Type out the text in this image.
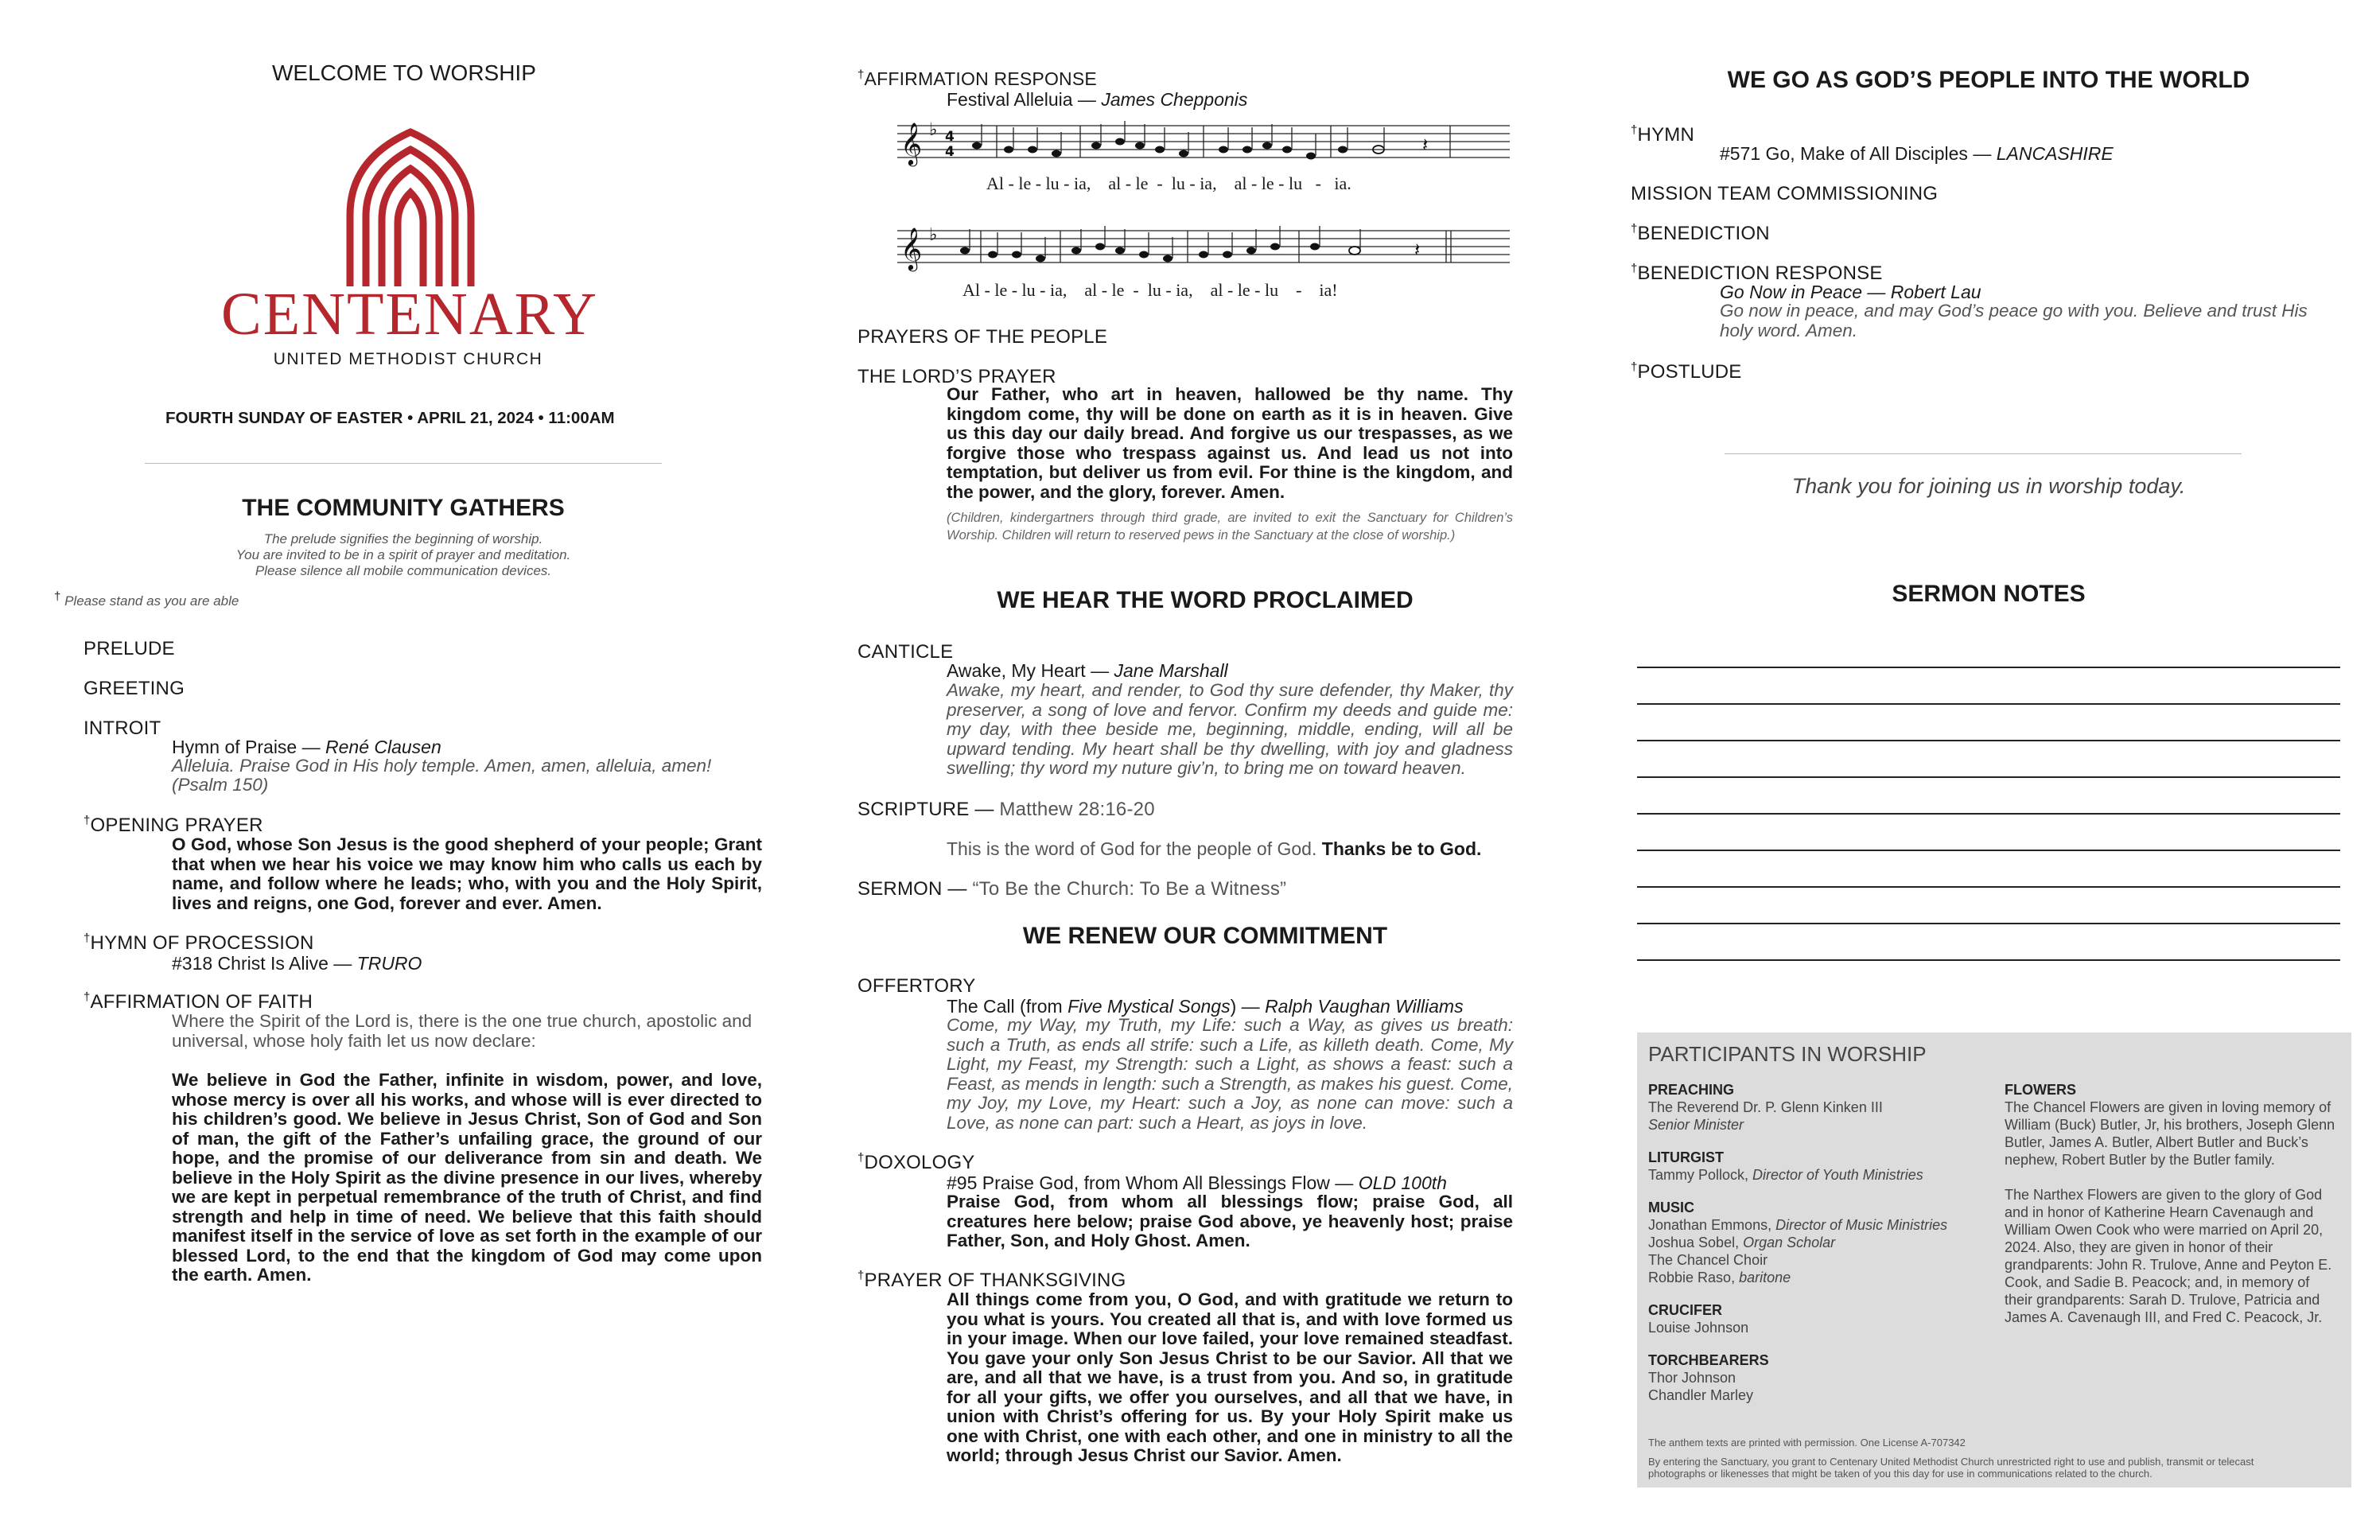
WELCOME TO WORSHIP
CENTENARY
UNITED METHODIST CHURCH
FOURTH SUNDAY OF EASTER • APRIL 21, 2024 • 11:00AM
THE COMMUNITY GATHERS
The prelude signifies the beginning of worship.
You are invited to be in a spirit of prayer and meditation.
Please silence all mobile communication devices.
† Please stand as you are able
PRELUDE
GREETING
INTROIT
Hymn of Praise — René Clausen
Alleluia. Praise God in His holy temple. Amen, amen, alleluia, amen!
(Psalm 150)
†OPENING PRAYER
O God, whose Son Jesus is the good shepherd of your people; Grant that when we hear his voice we may know him who calls us each by name, and follow where he leads; who, with you and the Holy Spirit, lives and reigns, one God, forever and ever. Amen.
†HYMN OF PROCESSION
#318 Christ Is Alive — TRURO
†AFFIRMATION OF FAITH
Where the Spirit of the Lord is, there is the one true church, apostolic and universal, whose holy faith let us now declare:
We believe in God the Father, infinite in wisdom, power, and love, whose mercy is over all his works, and whose will is ever directed to his children’s good. We believe in Jesus Christ, Son of God and Son of man, the gift of the Father’s unfailing grace, the ground of our hope, and the promise of our deliverance from sin and death. We believe in the Holy Spirit as the divine presence in our lives, whereby we are kept in perpetual remembrance of the truth of Christ, and find strength and help in time of need. We believe that this faith should manifest itself in the service of love as set forth in the example of our blessed Lord, to the end that the kingdom of God may come upon the earth. Amen.
†AFFIRMATION RESPONSE
Festival Alleluia — James Chepponis
𝄞 ♭ 4
4	𝄽
Al - le - lu - ia,    al - le  -  lu - ia,    al - le - lu   -   ia.
𝄞 ♭
𝄽
Al - le - lu - ia,    al - le  -  lu - ia,    al - le - lu    -    ia!
PRAYERS OF THE PEOPLE
THE LORD’S PRAYER
Our Father, who art in heaven, hallowed be thy name. Thy kingdom come, thy will be done on earth as it is in heaven. Give us this day our daily bread. And forgive us our trespasses, as we forgive those who trespass against us. And lead us not into temptation, but deliver us from evil. For thine is the kingdom, and the power, and the glory, forever. Amen.
(Children, kindergartners through third grade, are invited to exit the Sanctuary for Children’s Worship. Children will return to reserved pews in the Sanctuary at the close of worship.)
WE HEAR THE WORD PROCLAIMED
CANTICLE
Awake, My Heart — Jane Marshall
Awake, my heart, and render, to God thy sure defender, thy Maker, thy preserver, a song of love and fervor. Confirm my deeds and guide me: my day, with thee beside me, beginning, middle, ending, will all be upward tending. My heart shall be thy dwelling, with joy and gladness swelling; thy word my nuture giv’n, to bring me on toward heaven.
SCRIPTURE — Matthew 28:16-20
This is the word of God for the people of God. Thanks be to God.
SERMON — “To Be the Church: To Be a Witness”
WE RENEW OUR COMMITMENT
OFFERTORY
The Call (from Five Mystical Songs) — Ralph Vaughan Williams
Come, my Way, my Truth, my Life: such a Way, as gives us breath: such a Truth, as ends all strife: such a Life, as killeth death. Come, My Light, my Feast, my Strength: such a Light, as shows a feast: such a Feast, as mends in length: such a Strength, as makes his guest. Come, my Joy, my Love, my Heart: such a Joy, as none can move: such a Love, as none can part: such a Heart, as joys in love.
†DOXOLOGY
#95 Praise God, from Whom All Blessings Flow — OLD 100th
Praise God, from whom all blessings flow; praise God, all creatures here below; praise God above, ye heavenly host; praise Father, Son, and Holy Ghost. Amen.
†PRAYER OF THANKSGIVING
All things come from you, O God, and with gratitude we return to you what is yours. You created all that is, and with love formed us in your image. When our love failed, your love remained steadfast. You gave your only Son Jesus Christ to be our Savior. All that we are, and all that we have, is a trust from you. And so, in gratitude for all your gifts, we offer you ourselves, and all that we have, in union with Christ’s offering for us. By your Holy Spirit make us one with Christ, one with each other, and one in ministry to all the world; through Jesus Christ our Savior. Amen.
WE GO AS GOD’S PEOPLE INTO THE WORLD
†HYMN
#571 Go, Make of All Disciples — LANCASHIRE
MISSION TEAM COMMISSIONING
†BENEDICTION
†BENEDICTION RESPONSE
Go Now in Peace — Robert Lau
Go now in peace, and may God’s peace go with you. Believe and trust His holy word. Amen.
†POSTLUDE
Thank you for joining us in worship today.
SERMON NOTES
PARTICIPANTS IN WORSHIP
PREACHING
The Reverend Dr. P. Glenn Kinken III
Senior Minister
LITURGIST
Tammy Pollock, Director of Youth Ministries
MUSIC
Jonathan Emmons, Director of Music Ministries
Joshua Sobel, Organ Scholar
The Chancel Choir
Robbie Raso, baritone
CRUCIFER
Louise Johnson
TORCHBEARERS
Thor Johnson
Chandler Marley
FLOWERS
The Chancel Flowers are given in loving memory of William (Buck) Butler, Jr, his brothers, Joseph Glenn Butler, James A. Butler, Albert Butler and Buck’s nephew, Robert Butler by the Butler family.
The Narthex Flowers are given to the glory of God and in honor of Katherine Hearn Cavenaugh and William Owen Cook who were married on April 20, 2024. Also, they are given in honor of their grandparents: John R. Trulove, Anne and Peyton E. Cook, and Sadie B. Peacock; and, in memory of their grandparents: Sarah D. Trulove, Patricia and James A. Cavenaugh III, and Fred C. Peacock, Jr.
The anthem texts are printed with permission. One License A-707342
By entering the Sanctuary, you grant to Centenary United Methodist Church unrestricted right to use and publish, transmit or telecast photographs or likenesses that might be taken of you this day for use in communications related to the church.
